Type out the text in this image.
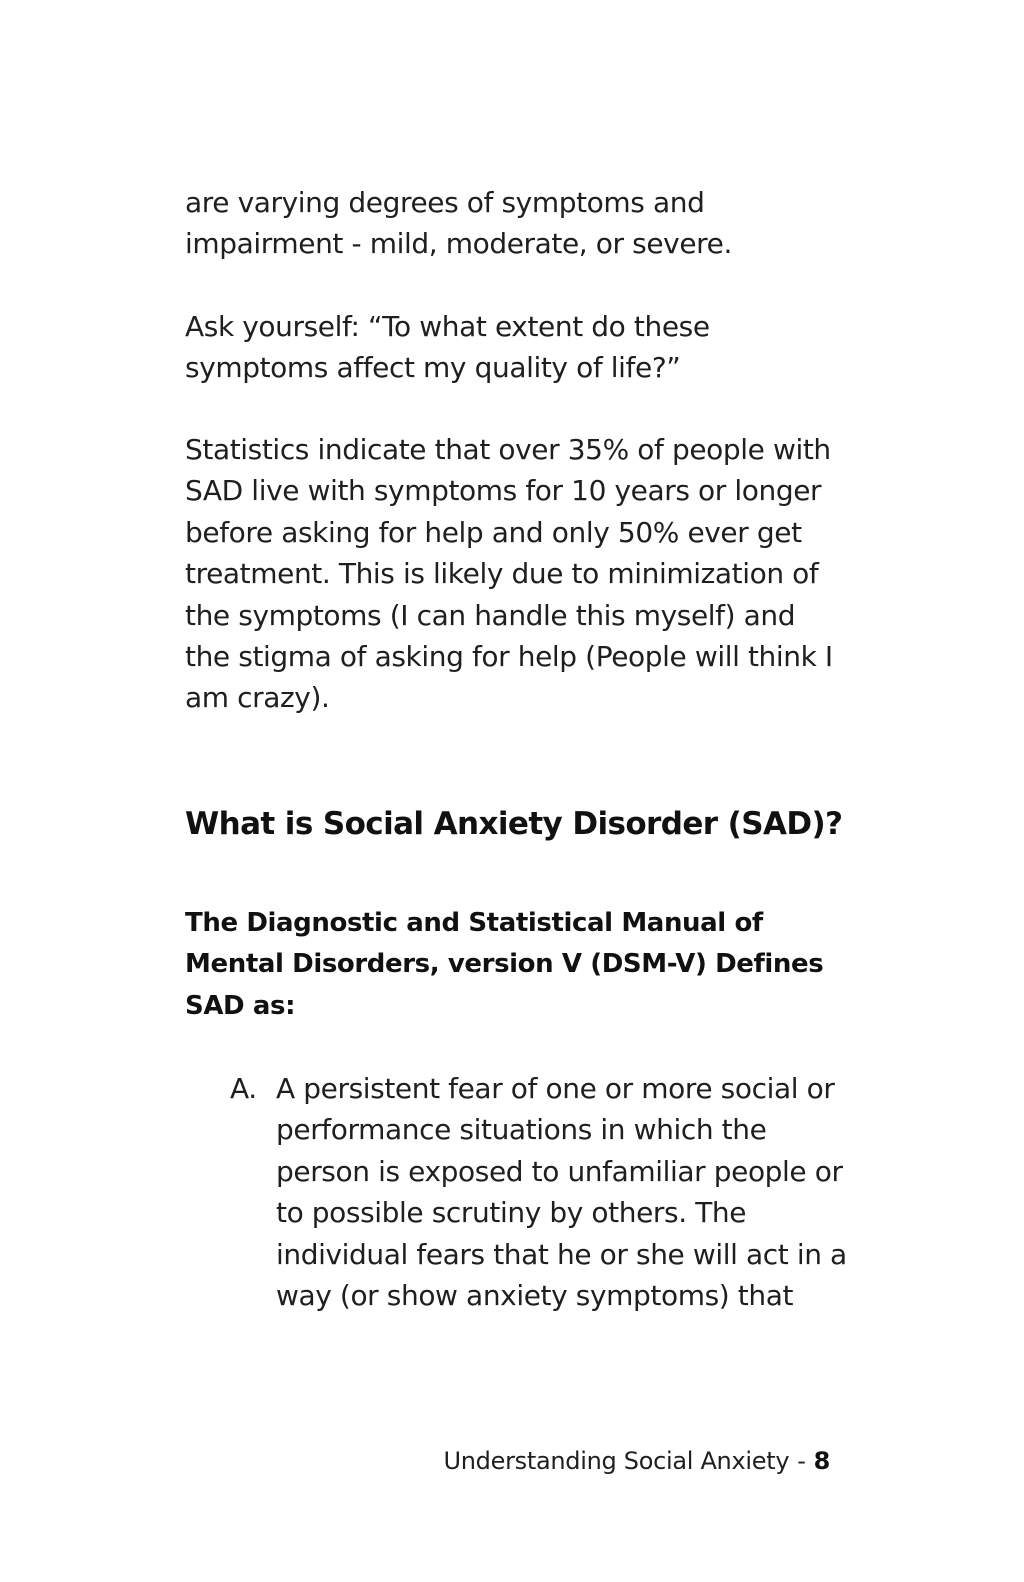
are varying degrees of symptoms and impairment - mild, moderate, or severe.

Ask yourself: “To what extent do these symptoms affect my quality of life?”

Statistics indicate that over 35% of people with SAD live with symptoms for 10 years or longer before asking for help and only 50% ever get treatment. This is likely due to minimization of the symptoms (I can handle this myself) and the stigma of asking for help (People will think I am crazy).

What is Social Anxiety Disorder (SAD)?

The Diagnostic and Statistical Manual of Mental Disorders, version V (DSM-V) Defines SAD as:

A. A persistent fear of one or more social or performance situations in which the person is exposed to unfamiliar people or to possible scrutiny by others. The individual fears that he or she will act in a way (or show anxiety symptoms) that
Understanding Social Anxiety - 8
